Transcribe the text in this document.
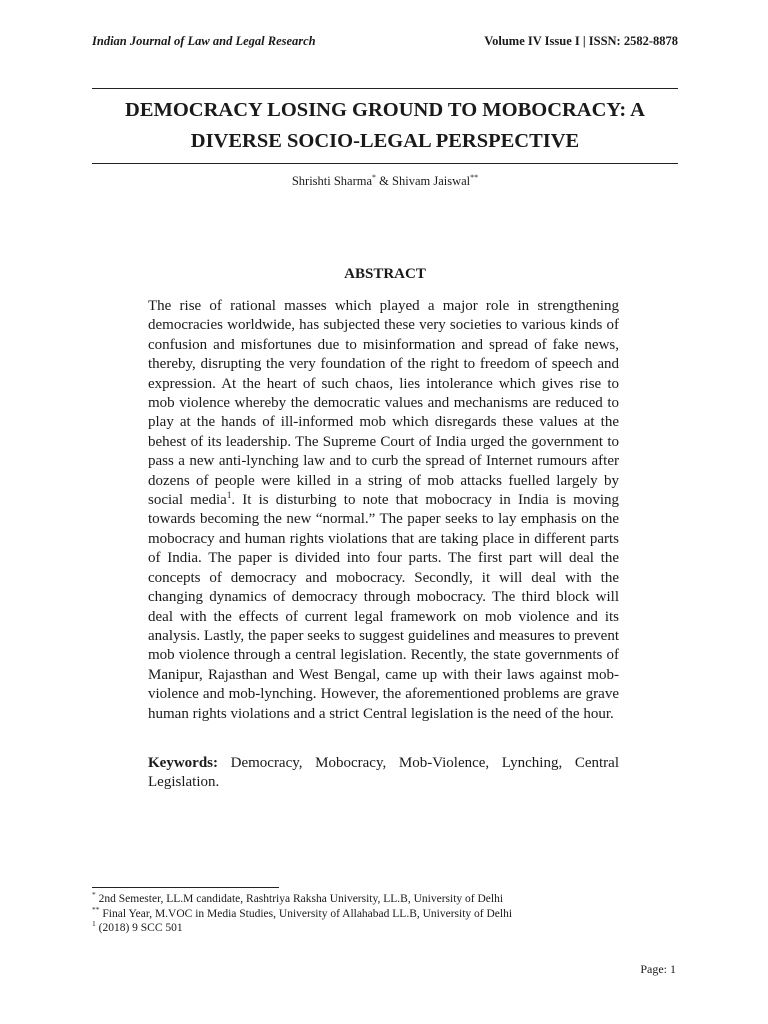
Indian Journal of Law and Legal Research	Volume IV Issue I | ISSN: 2582-8878
DEMOCRACY LOSING GROUND TO MOBOCRACY: A
DIVERSE SOCIO-LEGAL PERSPECTIVE
Shrishti Sharma* & Shivam Jaiswal**
ABSTRACT
The rise of rational masses which played a major role in strengthening democracies worldwide, has subjected these very societies to various kinds of confusion and misfortunes due to misinformation and spread of fake news, thereby, disrupting the very foundation of the right to freedom of speech and expression. At the heart of such chaos, lies intolerance which gives rise to mob violence whereby the democratic values and mechanisms are reduced to play at the hands of ill-informed mob which disregards these values at the behest of its leadership. The Supreme Court of India urged the government to pass a new anti-lynching law and to curb the spread of Internet rumours after dozens of people were killed in a string of mob attacks fuelled largely by social media$^1$. It is disturbing to note that mobocracy in India is moving towards becoming the new “normal.” The paper seeks to lay emphasis on the mobocracy and human rights violations that are taking place in different parts of India. The paper is divided into four parts. The first part will deal the concepts of democracy and mobocracy. Secondly, it will deal with the changing dynamics of democracy through mobocracy. The third block will deal with the effects of current legal framework on mob violence and its analysis. Lastly, the paper seeks to suggest guidelines and measures to prevent mob violence through a central legislation. Recently, the state governments of Manipur, Rajasthan and West Bengal, came up with their laws against mob-violence and mob-lynching. However, the aforementioned problems are grave human rights violations and a strict Central legislation is the need of the hour.
Keywords: Democracy, Mobocracy, Mob-Violence, Lynching, Central Legislation.
* 2nd Semester, LL.M candidate, Rashtriya Raksha University, LL.B, University of Delhi
** Final Year, M.VOC in Media Studies, University of Allahabad LL.B, University of Delhi
$^1$ (2018) 9 SCC 501
Page: 1
